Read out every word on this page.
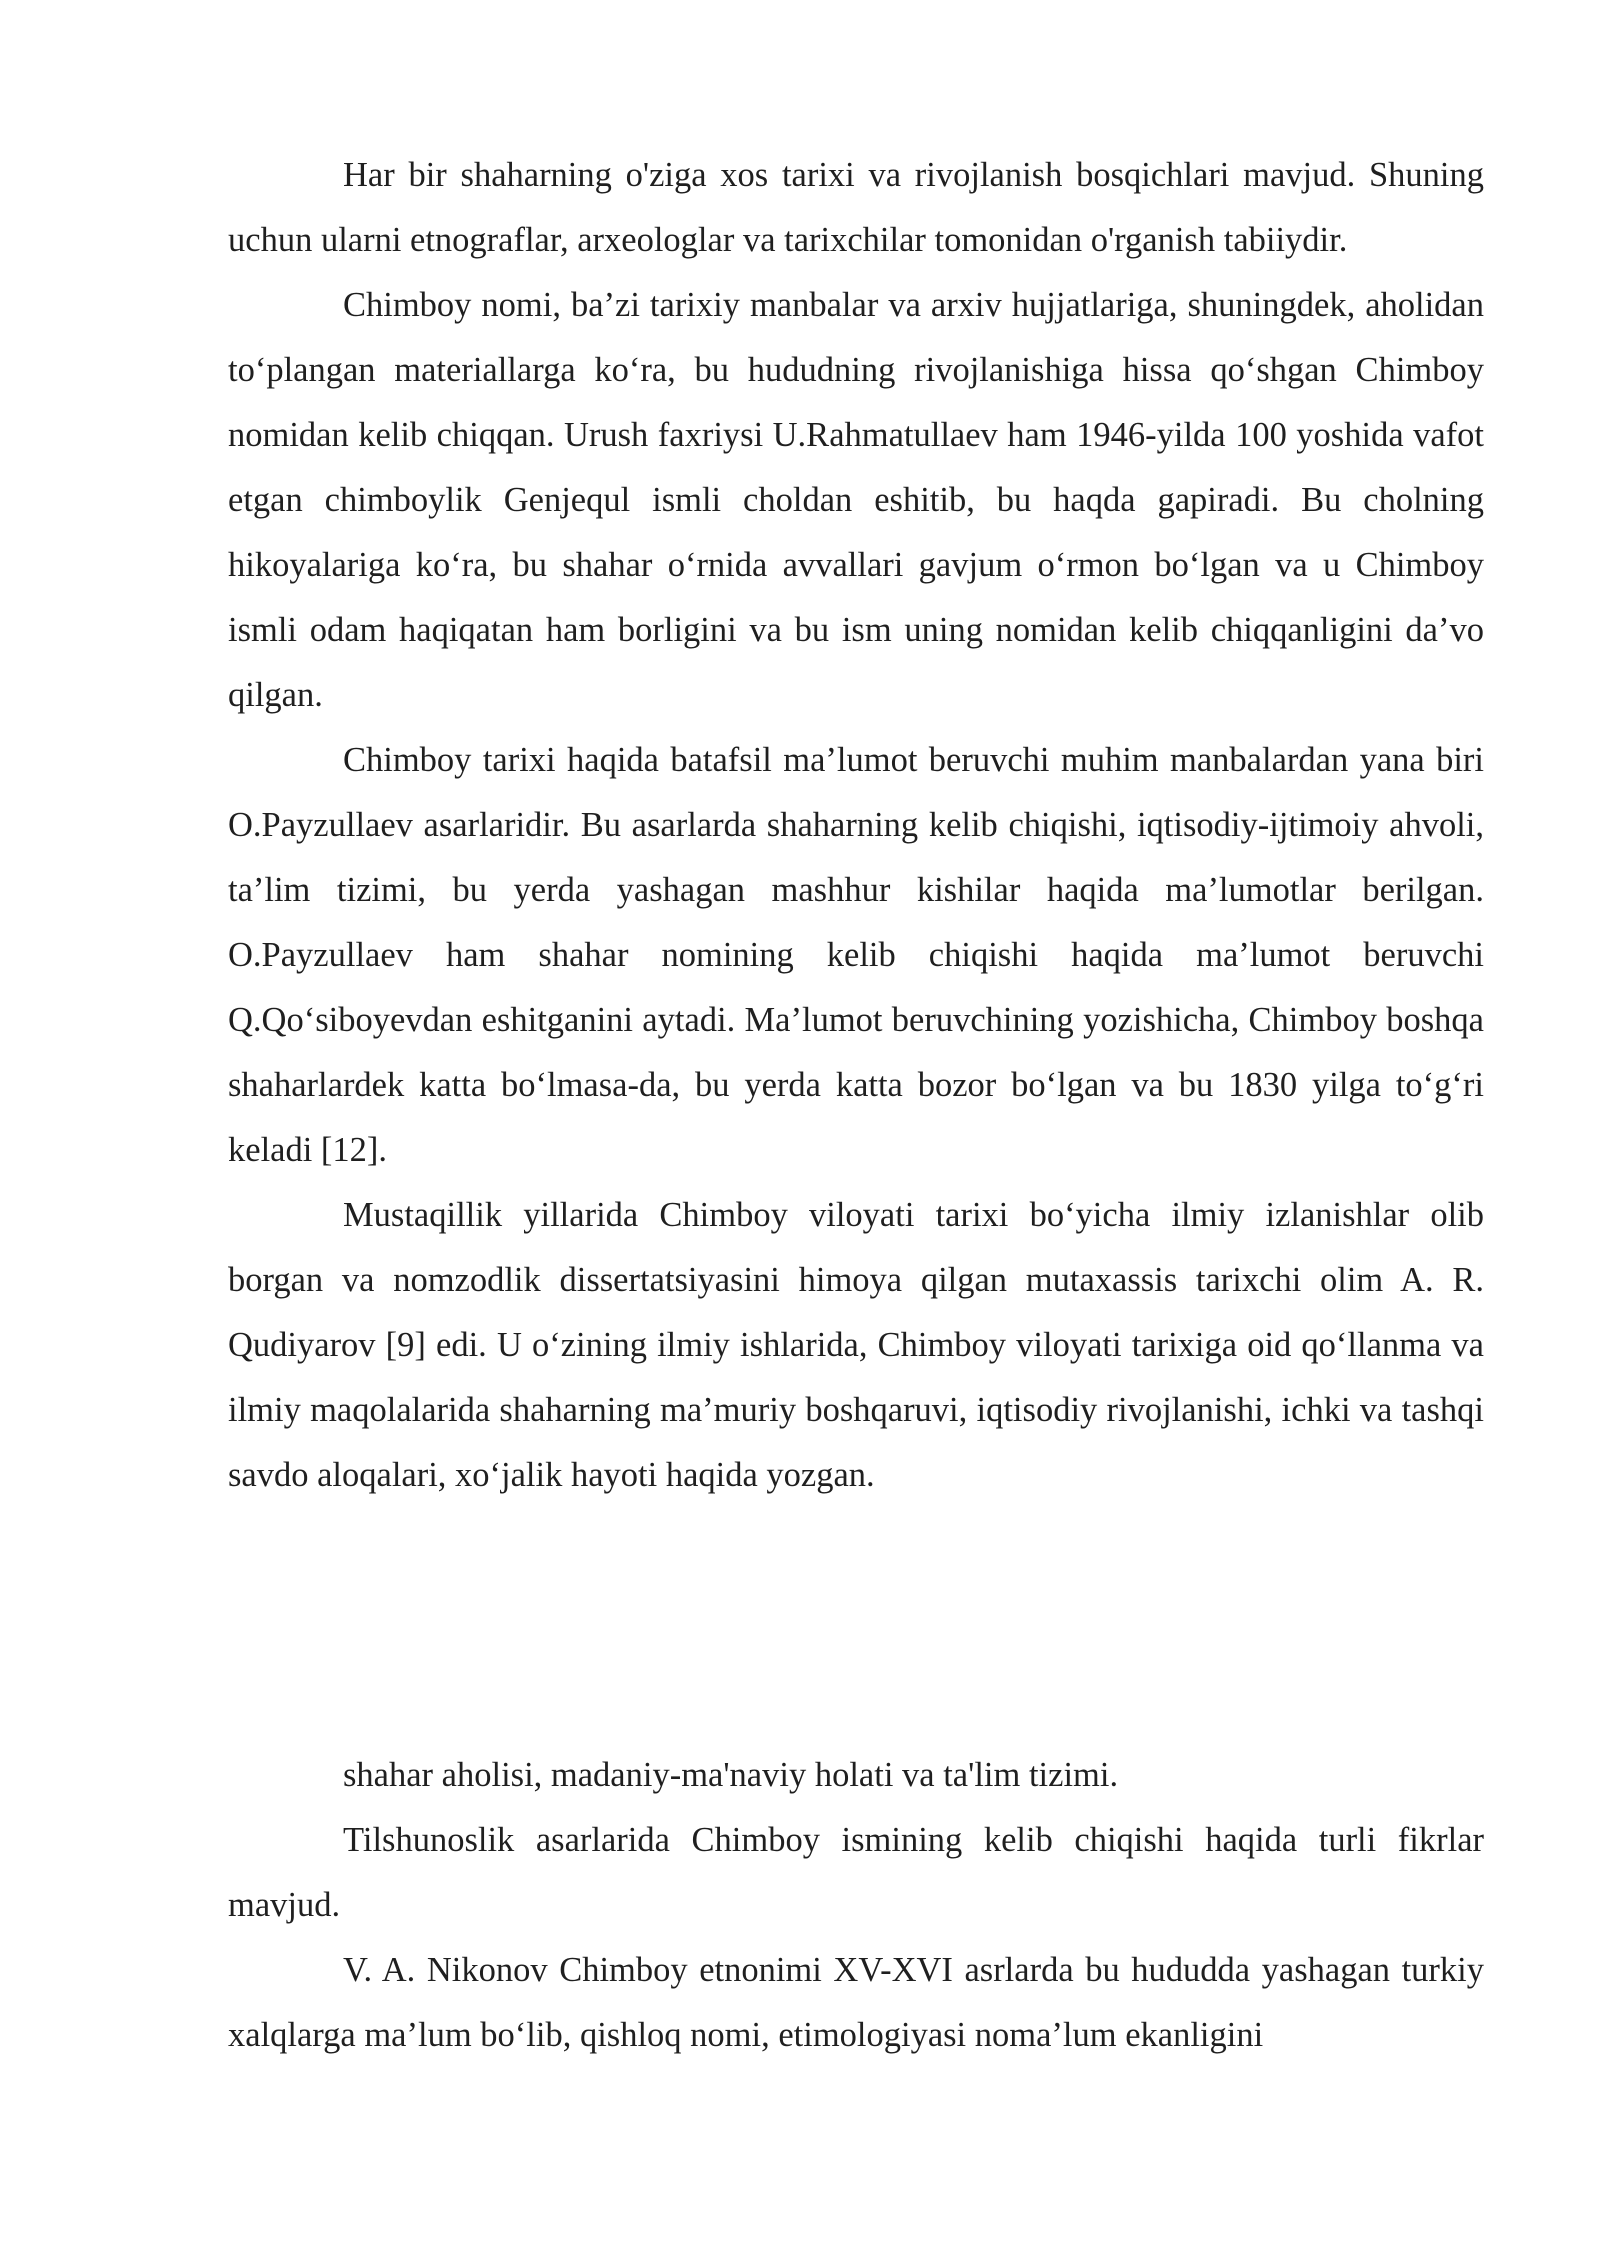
Har bir shaharning o'ziga xos tarixi va rivojlanish bosqichlari mavjud. Shuning uchun ularni etnograflar, arxeologlar va tarixchilar tomonidan o'rganish tabiiydir.

Chimboy nomi, ba’zi tarixiy manbalar va arxiv hujjatlariga, shuningdek, aholidan to‘plangan materiallarga ko‘ra, bu hududning rivojlanishiga hissa qo‘shgan Chimboy nomidan kelib chiqqan. Urush faxriysi U.Rahmatullaev ham 1946-yilda 100 yoshida vafot etgan chimboylik Genjequl ismli choldan eshitib, bu haqda gapiradi. Bu cholning hikoyalariga ko‘ra, bu shahar o‘rnida avvallari gavjum o‘rmon bo‘lgan va u Chimboy ismli odam haqiqatan ham borligini va bu ism uning nomidan kelib chiqqanligini da’vo qilgan.

Chimboy tarixi haqida batafsil ma’lumot beruvchi muhim manbalardan yana biri O.Payzullaev asarlaridir. Bu asarlarda shaharning kelib chiqishi, iqtisodiy-ijtimoiy ahvoli, ta’lim tizimi, bu yerda yashagan mashhur kishilar haqida ma’lumotlar berilgan. O.Payzullaev ham shahar nomining kelib chiqishi haqida ma’lumot beruvchi Q.Qo‘siboyevdan eshitganini aytadi. Ma’lumot beruvchining yozishicha, Chimboy boshqa shaharlardek katta bo‘lmasa-da, bu yerda katta bozor bo‘lgan va bu 1830 yilga to‘g‘ri keladi [12].

Mustaqillik yillarida Chimboy viloyati tarixi bo‘yicha ilmiy izlanishlar olib borgan va nomzodlik dissertatsiyasini himoya qilgan mutaxassis tarixchi olim A. R. Qudiyarov [9] edi. U o‘zining ilmiy ishlarida, Chimboy viloyati tarixiga oid qo‘llanma va ilmiy maqolalarida shaharning ma’muriy boshqaruvi, iqtisodiy rivojlanishi, ichki va tashqi savdo aloqalari, xo‘jalik hayoti haqida yozgan.

shahar aholisi, madaniy-ma'naviy holati va ta'lim tizimi.

Tilshunoslik asarlarida Chimboy ismining kelib chiqishi haqida turli fikrlar mavjud.

V. A. Nikonov Chimboy etnonimi XV-XVI asrlarda bu hududda yashagan turkiy xalqlarga ma’lum bo‘lib, qishloq nomi, etimologiyasi noma’lum ekanligini
